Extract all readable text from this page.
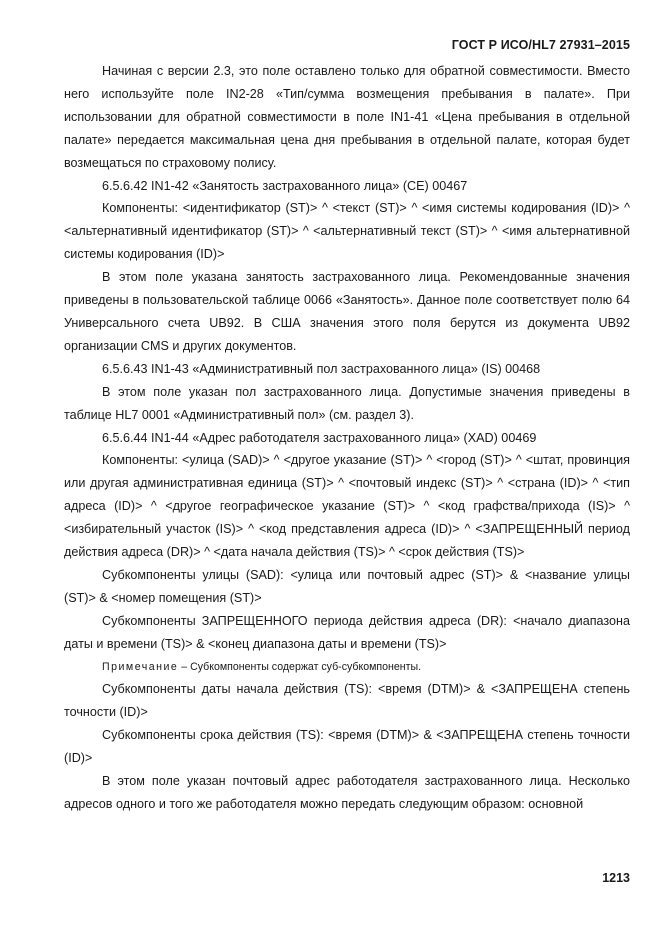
ГОСТ Р ИСО/HL7 27931–2015

Начиная с версии 2.3, это поле оставлено только для обратной совместимости. Вместо него используйте поле IN2-28 «Тип/сумма возмещения пребывания в палате». При использовании для обратной совместимости в поле IN1-41 «Цена пребывания в отдельной палате» передается максимальная цена дня пребывания в отдельной палате, которая будет возмещаться по страховому полису.

6.5.6.42 IN1-42 «Занятость застрахованного лица» (CE) 00467

Компоненты: <идентификатор (ST)> ^ <текст (ST)> ^ <имя системы кодирования (ID)> ^ <альтернативный идентификатор (ST)> ^ <альтернативный текст (ST)> ^ <имя альтернативной системы кодирования (ID)>

В этом поле указана занятость застрахованного лица. Рекомендованные значения приведены в пользовательской таблице 0066 «Занятость». Данное поле соответствует полю 64 Универсального счета UB92. В США значения этого поля берутся из документа UB92 организации CMS и других документов.

6.5.6.43 IN1-43 «Административный пол застрахованного лица» (IS) 00468

В этом поле указан пол застрахованного лица. Допустимые значения приведены в таблице HL7 0001 «Административный пол» (см. раздел 3).

6.5.6.44 IN1-44 «Адрес работодателя застрахованного лица» (XAD) 00469

Компоненты: <улица (SAD)> ^ <другое указание (ST)> ^ <город (ST)> ^ <штат, провинция или другая административная единица (ST)> ^ <почтовый индекс (ST)> ^ <страна (ID)> ^ <тип адреса (ID)> ^ <другое географическое указание (ST)> ^ <код графства/прихода (IS)> ^ <избирательный участок (IS)> ^ <код представления адреса (ID)> ^ <ЗАПРЕЩЕННЫЙ период действия адреса (DR)> ^ <дата начала действия (TS)> ^ <срок действия (TS)>

Субкомпоненты улицы (SAD): <улица или почтовый адрес (ST)> & <название улицы (ST)> & <номер помещения (ST)>

Субкомпоненты ЗАПРЕЩЕННОГО периода действия адреса (DR): <начало диапазона даты и времени (TS)> & <конец диапазона даты и времени (TS)>

Примечание – Субкомпоненты содержат суб-субкомпоненты.

Субкомпоненты даты начала действия (TS): <время (DTM)> & <ЗАПРЕЩЕНА степень точности (ID)>

Субкомпоненты срока действия (TS): <время (DTM)> & <ЗАПРЕЩЕНА степень точности (ID)>

В этом поле указан почтовый адрес работодателя застрахованного лица. Несколько адресов одного и того же работодателя можно передать следующим образом: основной

1213
